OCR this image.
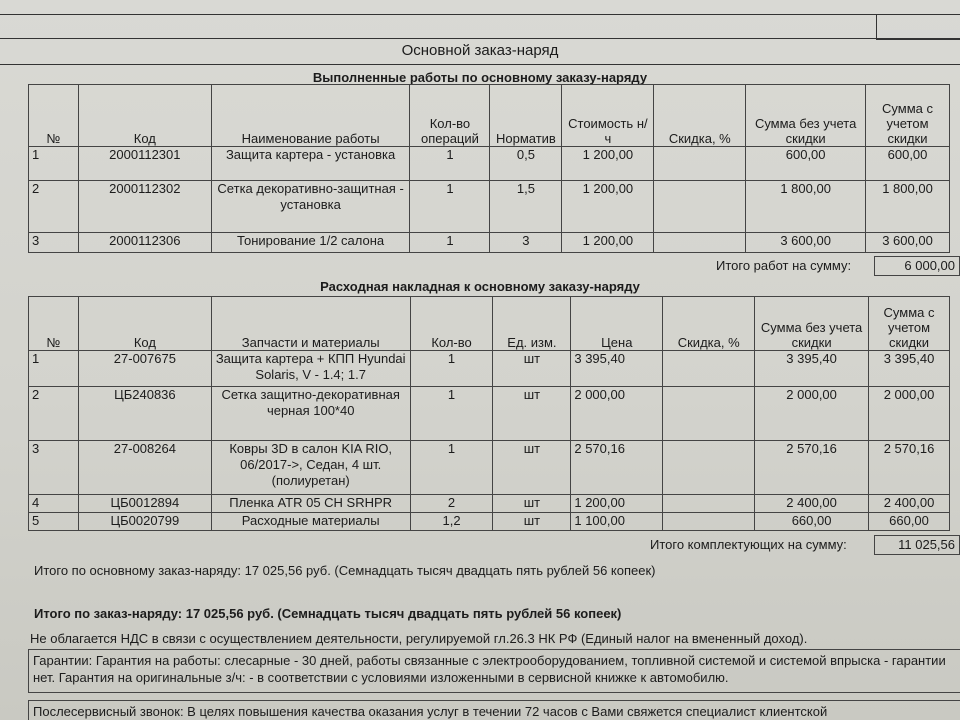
Основной заказ-наряд
Выполненные работы по основному заказу-наряду
№	Код	Наименование работы	Кол-во операций	Норматив	Стоимость н/ч	Скидка, %	Сумма без учета скидки	Сумма с учетом скидки
1	2000112301	Защита картера - установка	1	0,5	1 200,00		600,00	600,00
2	2000112302	Сетка декоративно-защитная - установка	1	1,5	1 200,00		1 800,00	1 800,00
3	2000112306	Тонирование 1/2 салона	1	3	1 200,00		3 600,00	3 600,00
Итого работ на сумму:	6 000,00
Расходная накладная к основному заказу-наряду
№	Код	Запчасти и материалы	Кол-во	Ед. изм.	Цена	Скидка, %	Сумма без учета скидки	Сумма с учетом скидки
1	27-007675	Защита картера + КПП Hyundai Solaris, V - 1.4; 1.7	1	шт	3 395,40		3 395,40	3 395,40
2	ЦБ240836	Сетка защитно-декоративная черная 100*40	1	шт	2 000,00		2 000,00	2 000,00
3	27-008264	Ковры 3D в салон KIA RIO, 06/2017->, Седан, 4 шт. (полиуретан)	1	шт	2 570,16		2 570,16	2 570,16
4	ЦБ0012894	Пленка ATR 05 CH SRHPR	2	шт	1 200,00		2 400,00	2 400,00
5	ЦБ0020799	Расходные материалы	1,2	шт	1 100,00		660,00	660,00
Итого комплектующих на сумму:	11 025,56
Итого по основному заказ-наряду: 17 025,56 руб. (Семнадцать тысяч двадцать пять рублей 56 копеек)
Итого по заказ-наряду: 17 025,56 руб. (Семнадцать тысяч двадцать пять рублей 56 копеек)
Не облагается НДС в связи с осуществлением деятельности, регулируемой гл.26.3 НК РФ (Единый налог на вмененный доход).
Гарантии: Гарантия на работы: слесарные - 30 дней, работы связанные с электрооборудованием, топливной системой и системой впрыска - гарантии нет. Гарантия на оригинальные з/ч: - в соответствии с условиями изложенными в сервисной книжке к автомобилю.
Послесервисный звонок: В целях повышения качества оказания услуг в течении 72 часов с Вами свяжется специалист клиентской
